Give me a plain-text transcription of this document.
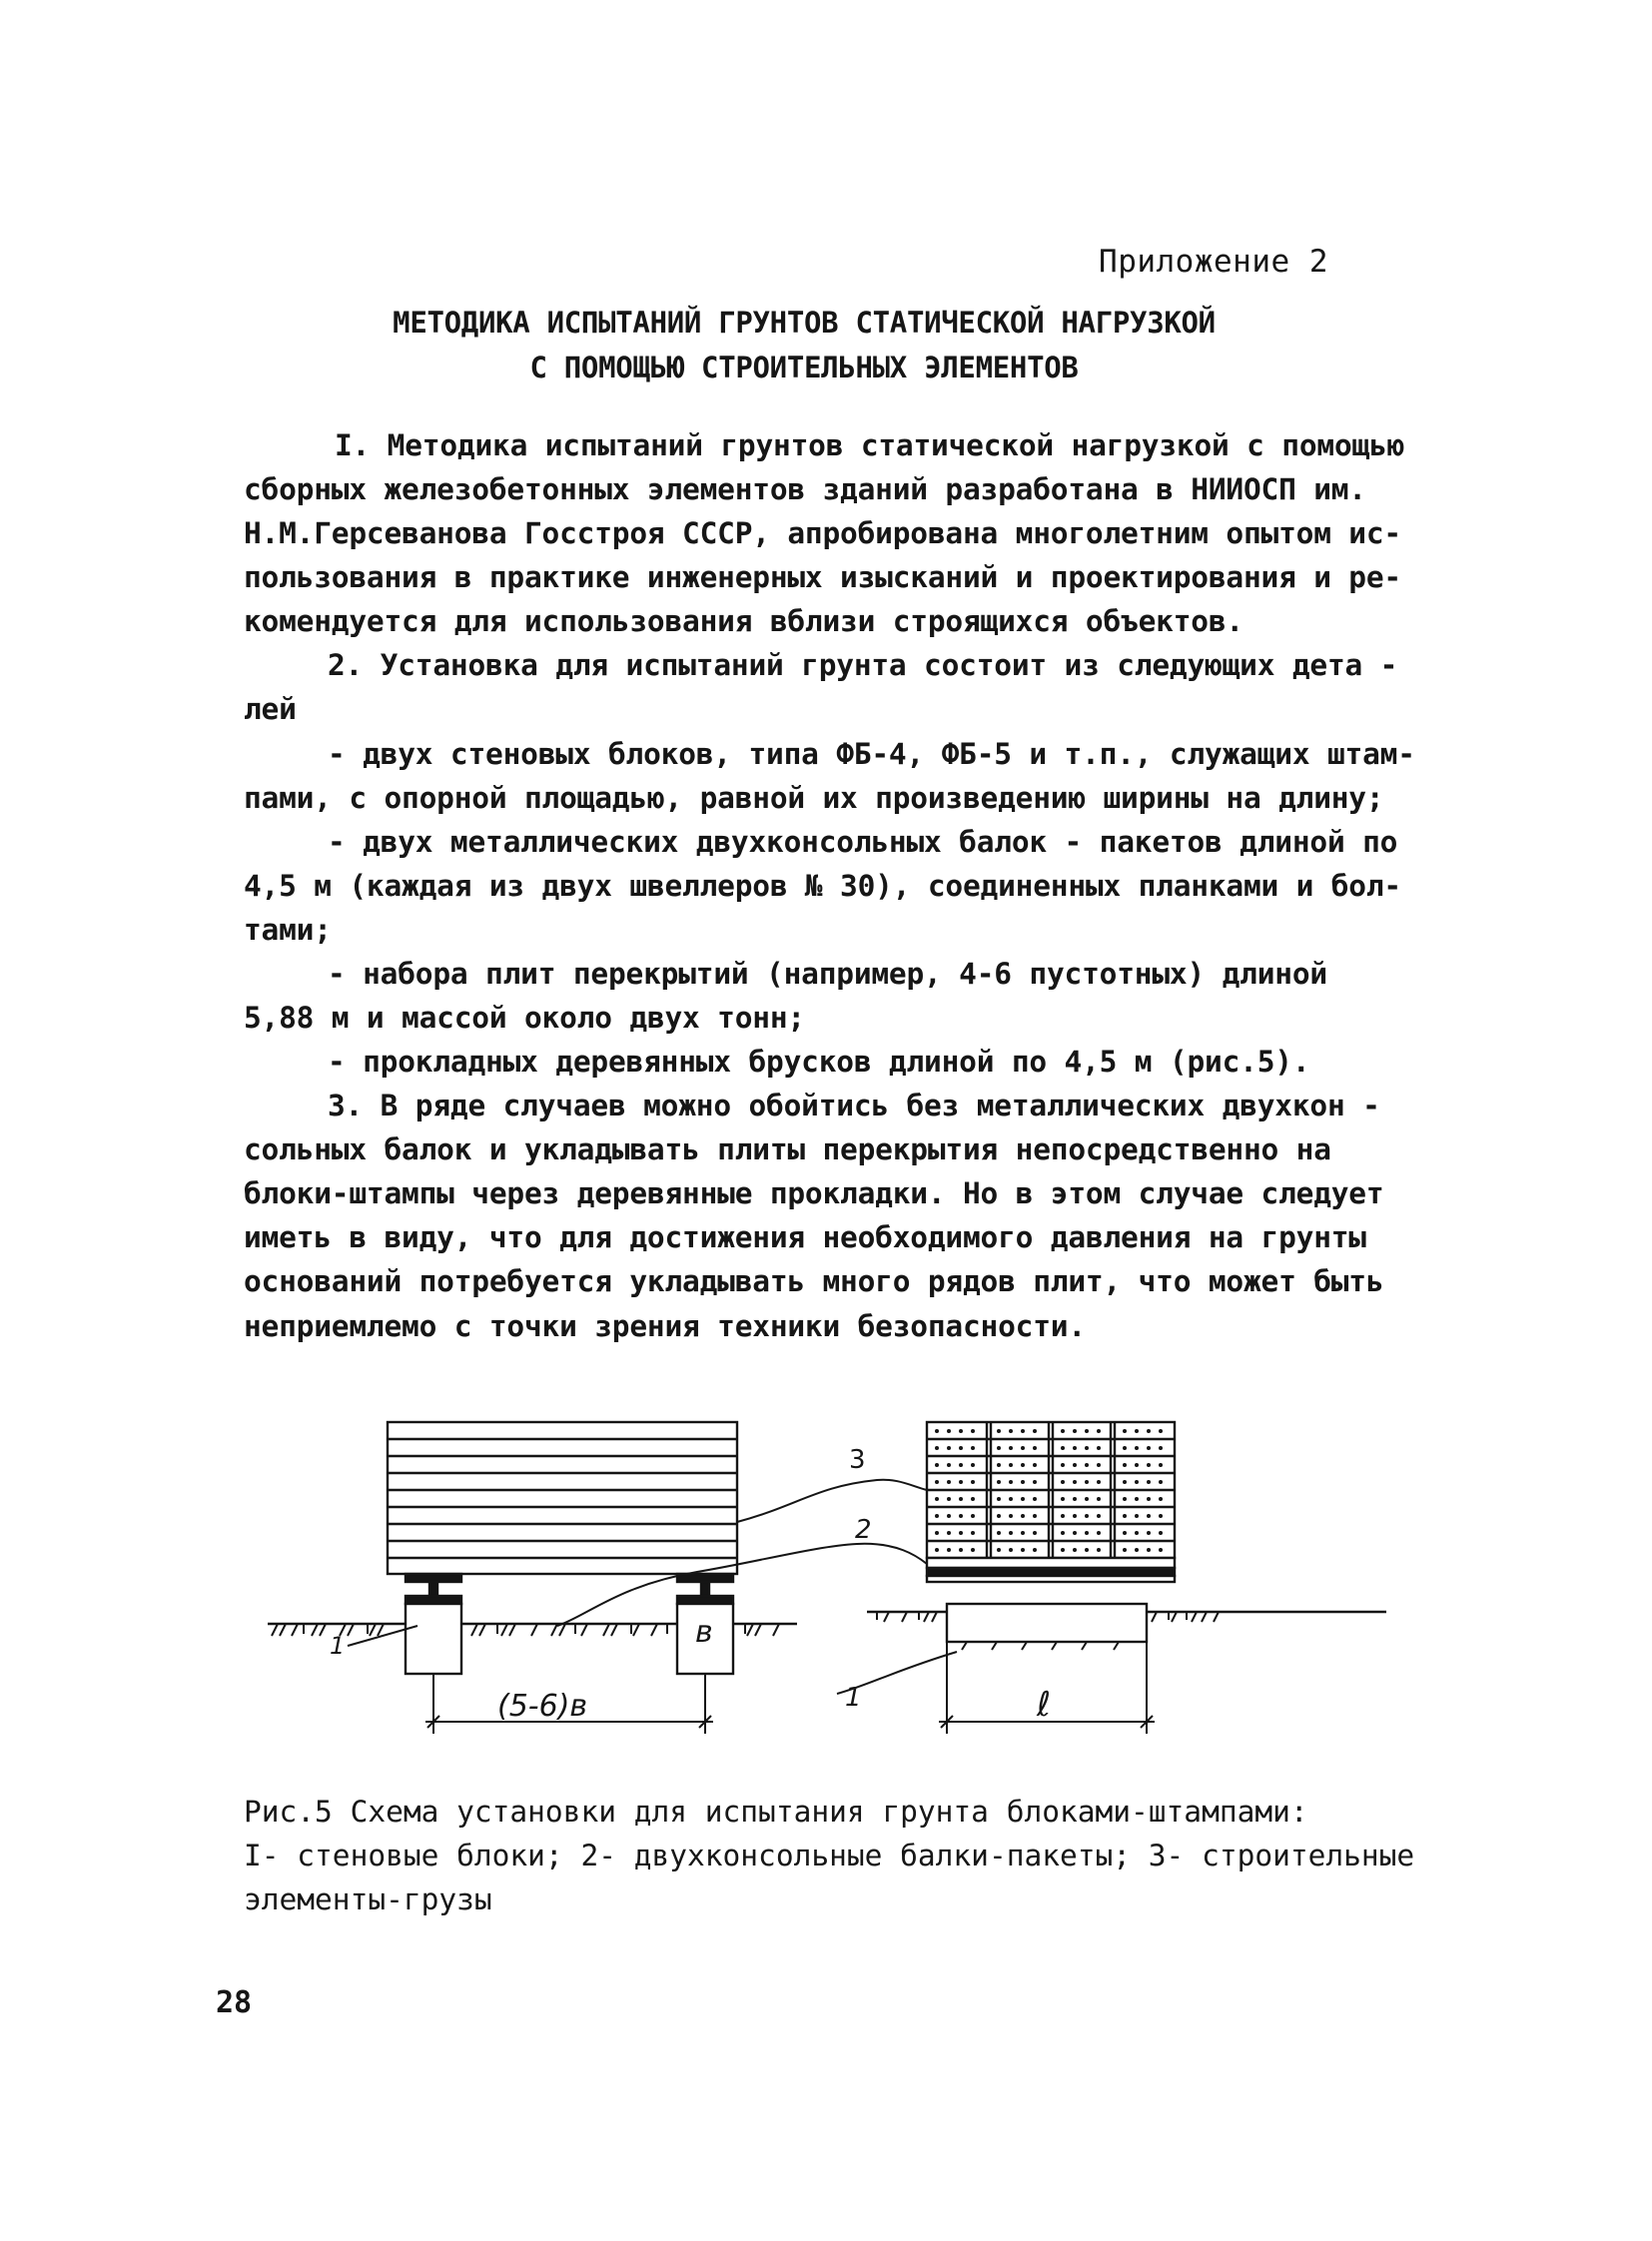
Приложение 2
МЕТОДИКА ИСПЫТАНИЙ ГРУНТОВ СТАТИЧЕСКОЙ НАГРУЗКОЙ
С ПОМОЩЬЮ СТРОИТЕЛЬНЫХ ЭЛЕМЕНТОВ
I. Методика испытаний грунтов статической нагрузкой с помощью
сборных железобетонных элементов зданий разработана в НИИОСП им.
Н.М.Герсеванова Госстроя СССР, апробирована многолетним опытом ис-
пользования в практике инженерных изысканий и проектирования и ре-
комендуется для использования вблизи строящихся объектов.
2. Установка для испытаний грунта состоит из следующих дета -
лей
- двух стеновых блоков, типа ФБ-4, ФБ-5 и т.п., служащих штам-
пами, с опорной площадью, равной их произведению ширины на длину;
- двух металлических двухконсольных балок - пакетов длиной по
4,5 м (каждая из двух швеллеров № 30), соединенных планками и бол-
тами;
- набора плит перекрытий (например, 4-6 пустотных) длиной
5,88 м и массой около двух тонн;
- прокладных деревянных брусков длиной по 4,5 м (рис.5).
3. В ряде случаев можно обойтись без металлических двухкон -
сольных балок и укладывать плиты перекрытия непосредственно на
блоки-штампы через деревянные прокладки. Но в этом случае следует
иметь в виду, что для достижения необходимого давления на грунты
оснований потребуется укладывать много рядов плит, что может быть
неприемлемо с точки зрения техники безопасности.
3
2
1
1
в
(5-6)в	ℓ
Рис.5 Схема установки для испытания грунта блоками-штампами:
I- стеновые блоки; 2- двухконсольные балки-пакеты; 3- строительные
элементы-грузы
28
